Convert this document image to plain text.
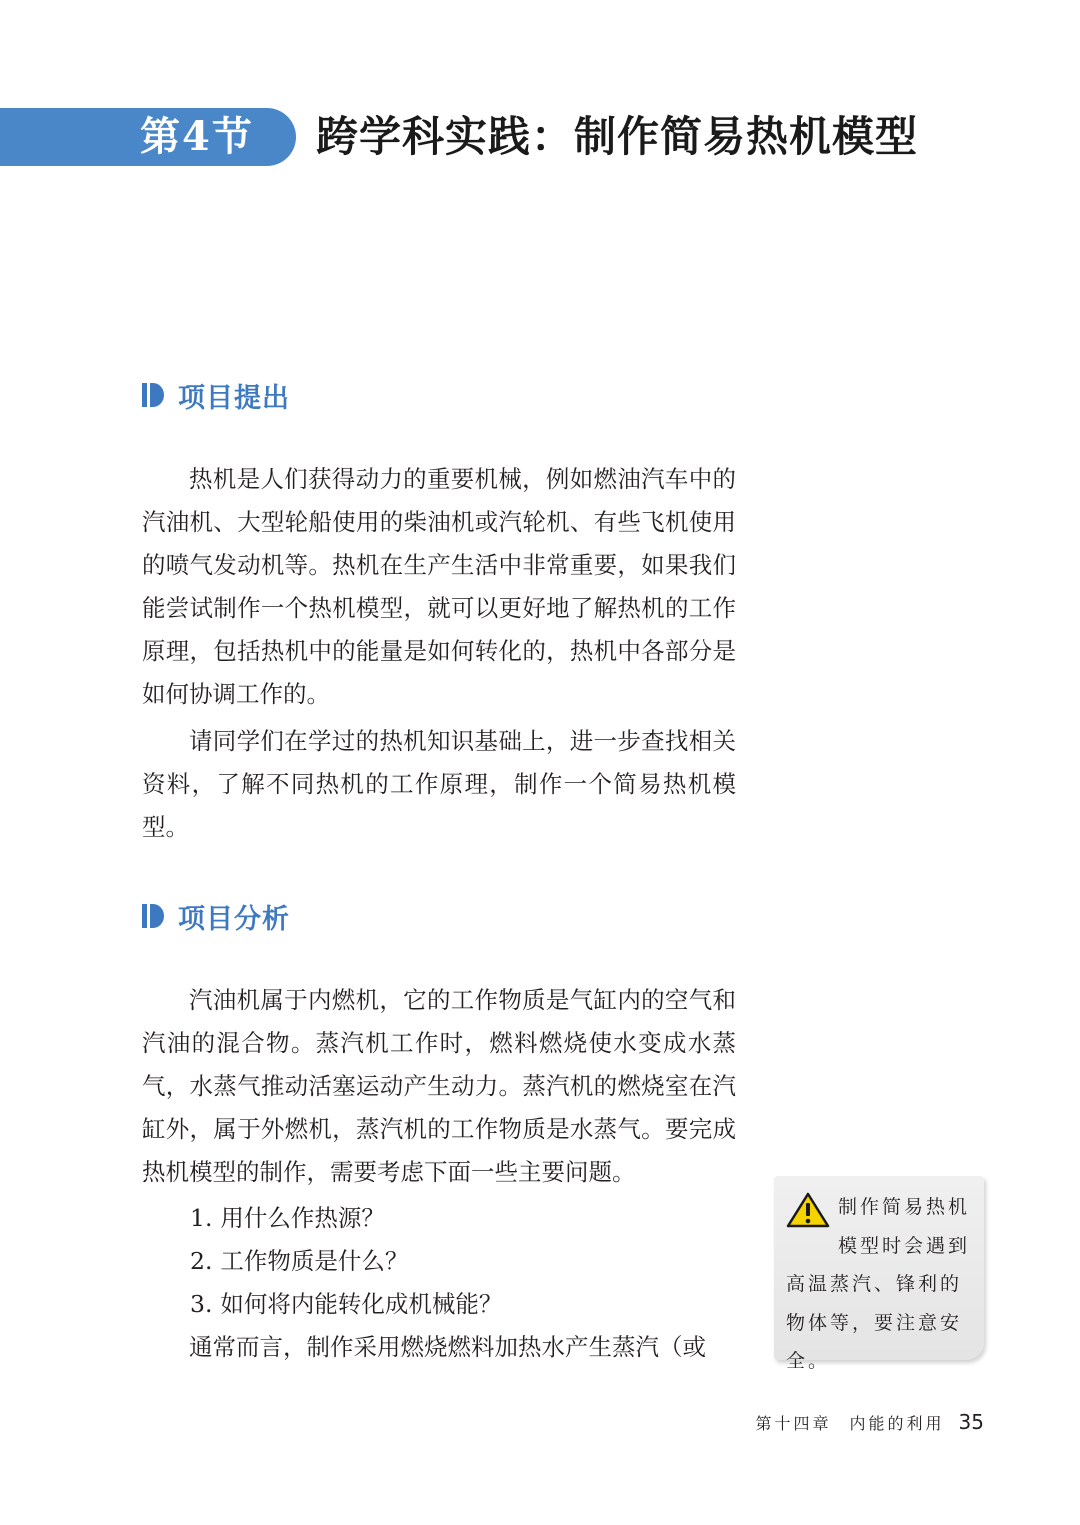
第4节 跨学科实践：制作简易热机模型
项目提出

热机是人们获得动力的重要机械，例如燃油汽车中的汽油机、大型轮船使用的柴油机或汽轮机、有些飞机使用的喷气发动机等。热机在生产生活中非常重要，如果我们能尝试制作一个热机模型，就可以更好地了解热机的工作原理，包括热机中的能量是如何转化的，热机中各部分是如何协调工作的。

请同学们在学过的热机知识基础上，进一步查找相关资料，了解不同热机的工作原理，制作一个简易热机模型。

项目分析

汽油机属于内燃机，它的工作物质是气缸内的空气和汽油的混合物。蒸汽机工作时，燃料燃烧使水变成水蒸气，水蒸气推动活塞运动产生动力。蒸汽机的燃烧室在汽缸外，属于外燃机，蒸汽机的工作物质是水蒸气。要完成热机模型的制作，需要考虑下面一些主要问题。

1. 用什么作热源？

2. 工作物质是什么？

3. 如何将内能转化成机械能？

通常而言，制作采用燃烧燃料加热水产生蒸汽（或

制作简易热机模型时会遇到高温蒸汽、锋利的物体等，要注意安全。

第十四章 内能的利用 35
